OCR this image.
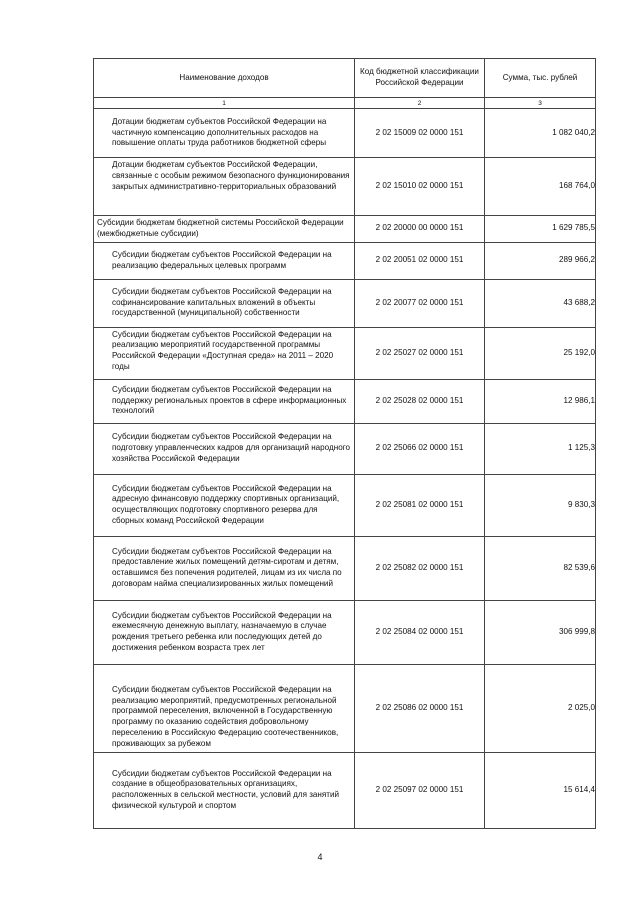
Наименование доходов	Код бюджетной классификации Российской Федерации	Сумма, тыс. рублей
1	2	3

Дотации бюджетам субъектов Российской Федерации на частичную компенсацию дополнительных расходов на повышение оплаты труда работников бюджетной сферы	2 02 15009 02 0000 151	1 082 040,2

Дотации бюджетам субъектов Российской Федерации, связанные с особым режимом безопасного функционирования закрытых административно-территориальных образований	2 02 15010 02 0000 151	168 764,0

Субсидии бюджетам бюджетной системы Российской Федерации (межбюджетные субсидии)	2 02 20000 00 0000 151	1 629 785,5

Субсидии бюджетам субъектов Российской Федерации на реализацию федеральных целевых программ	2 02 20051 02 0000 151	289 966,2

Субсидии бюджетам субъектов Российской Федерации на софинансирование капитальных вложений в объекты государственной (муниципальной) собственности	2 02 20077 02 0000 151	43 688,2

Субсидии бюджетам субъектов Российской Федерации на реализацию мероприятий государственной программы Российской Федерации «Доступная среда» на 2011 – 2020 годы	2 02 25027 02 0000 151	25 192,0

Субсидии бюджетам субъектов Российской Федерации на поддержку региональных проектов в сфере информационных технологий	2 02 25028 02 0000 151	12 986,1

Субсидии бюджетам субъектов Российской Федерации на подготовку управленческих кадров для организаций народного хозяйства Российской Федерации	2 02 25066 02 0000 151	1 125,3

Субсидии бюджетам субъектов Российской Федерации на адресную финансовую поддержку спортивных организаций, осуществляющих подготовку спортивного резерва для сборных команд Российской Федерации	2 02 25081 02 0000 151	9 830,3

Субсидии бюджетам субъектов Российской Федерации на предоставление жилых помещений детям-сиротам и детям, оставшимся без попечения родителей, лицам из их числа по договорам найма специализированных жилых помещений	2 02 25082 02 0000 151	82 539,6

Субсидии бюджетам субъектов Российской Федерации на ежемесячную денежную выплату, назначаемую в случае рождения третьего ребенка или последующих детей до достижения ребенком возраста трех лет	2 02 25084 02 0000 151	306 999,8

Субсидии бюджетам субъектов Российской Федерации на реализацию мероприятий, предусмотренных региональной программой переселения, включенной в Государственную программу по оказанию содействия добровольному переселению в Российскую Федерацию соотечественников, проживающих за рубежом	2 02 25086 02 0000 151	2 025,0

Субсидии бюджетам субъектов Российской Федерации на создание в общеобразовательных организациях, расположенных в сельской местности, условий для занятий физической культурой и спортом	2 02 25097 02 0000 151	15 614,4
4
